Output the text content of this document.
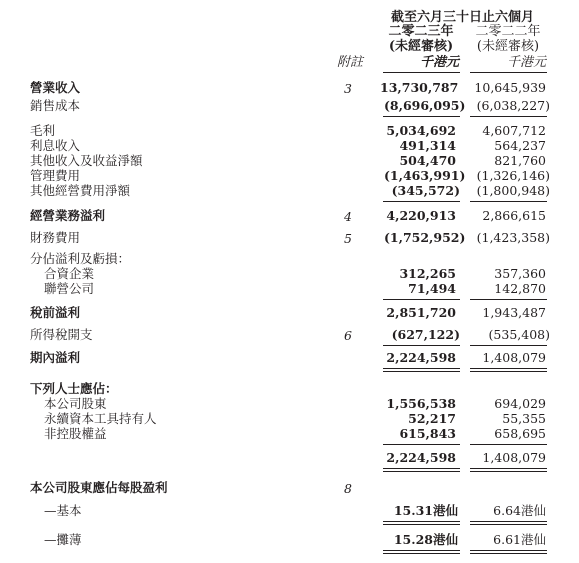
截至六月三十日止六個月
二零二三年	二零二二年
(未經審核)	(未經審核)
附註	千港元	千港元
營業收入	3	13,730,787	10,645,939
銷售成本	(8,696,095) (6,038,227)
毛利	5,034,692	4,607,712
利息收入	491,314	564,237
其他收入及收益淨額	504,470	821,760
管理費用	(1,463,991) (1,326,146)
其他經營費用淨額	(345,572) (1,800,948)
經營業務溢利	4	4,220,913	2,866,615
財務費用	5	(1,752,952) (1,423,358)
分佔溢利及虧損：
合資企業	312,265	357,360
聯營公司	71,494	142,870
稅前溢利	2,851,720	1,943,487
所得稅開支	6	(627,122)	(535,408)
期內溢利	2,224,598	1,408,079
下列人士應佔：
本公司股東	1,556,538	694,029
永續資本工具持有人	52,217	55,355
非控股權益	615,843	658,695
2,224,598	1,408,079
本公司股東應佔每股盈利	8
—基本	15.31港仙	6.64港仙
—攤薄	15.28港仙	6.61港仙
